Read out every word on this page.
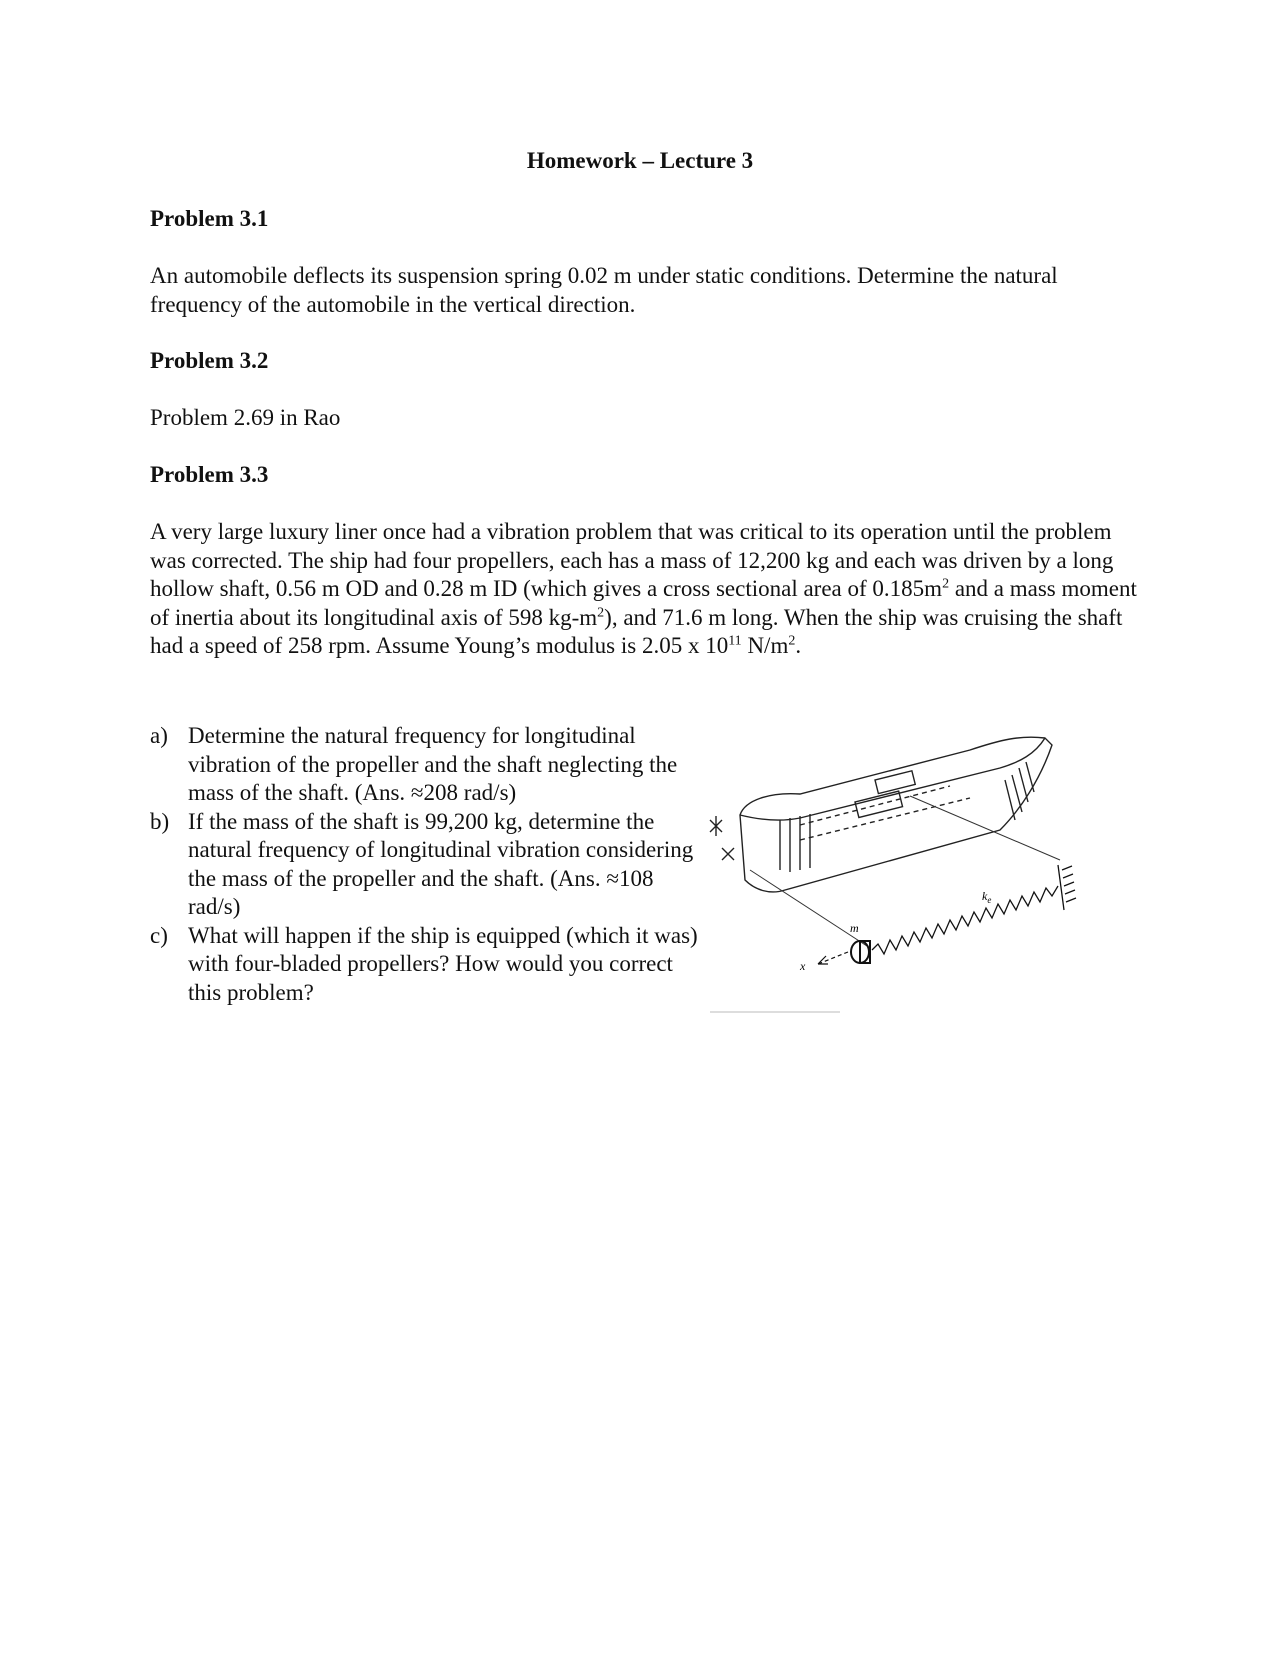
Homework – Lecture 3
Problem 3.1
An automobile deflects its suspension spring 0.02 m under static conditions. Determine the natural frequency of the automobile in the vertical direction.
Problem 3.2
Problem 2.69 in Rao
Problem 3.3
A very large luxury liner once had a vibration problem that was critical to its operation until the problem was corrected. The ship had four propellers, each has a mass of 12,200 kg and each was driven by a long hollow shaft, 0.56 m OD and 0.28 m ID (which gives a cross sectional area of $0.185m^2$ and a mass moment of inertia about its longitudinal axis of 598 $kg-m^2$), and 71.6 m long. When the ship was cruising the shaft had a speed of 258 rpm. Assume Young’s modulus is 2.05 x $10^{11}$ $N/m^2$.
a) Determine the natural frequency for longitudinal vibration of the propeller and the shaft neglecting the mass of the shaft. (Ans. ≈208 rad/s)
b) If the mass of the shaft is 99,200 kg, determine the natural frequency of longitudinal vibration considering the mass of the propeller and the shaft. (Ans. ≈108 rad/s)
c) What will happen if the ship is equipped (which it was) with four-bladed propellers? How would you correct this problem?
m
x
$k_e$
